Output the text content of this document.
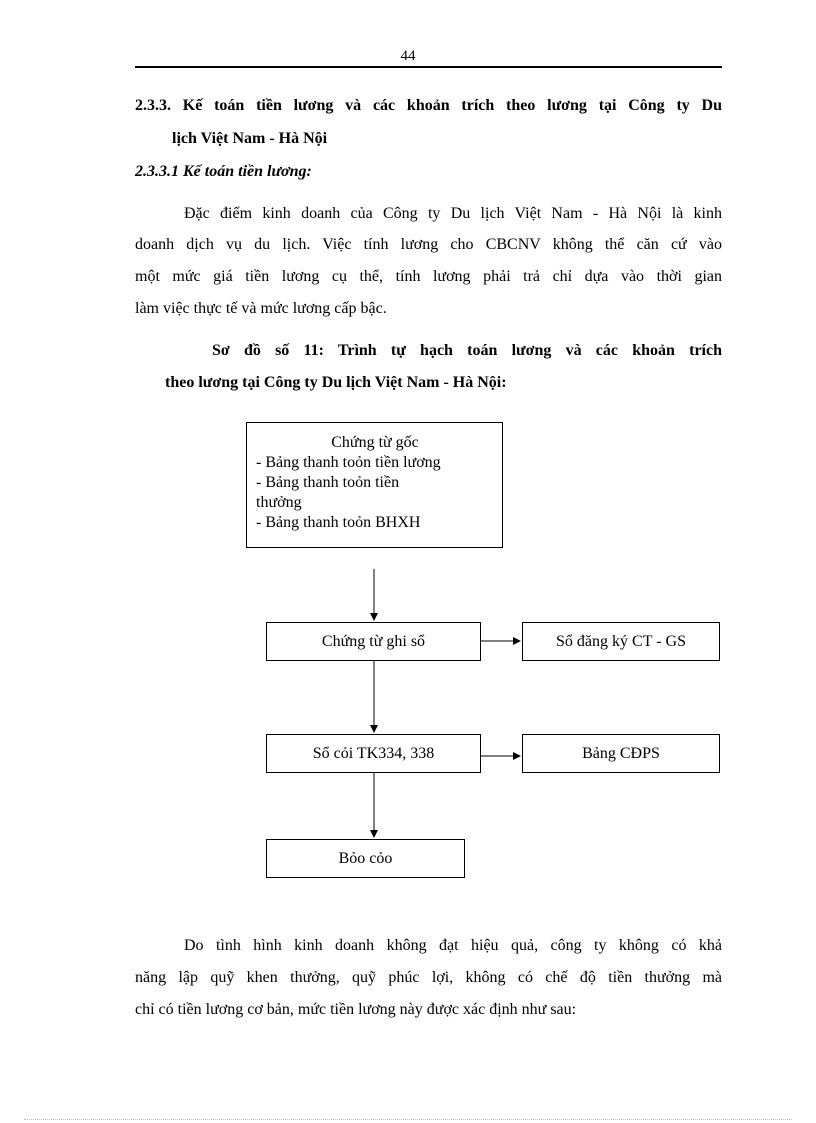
44
2.3.3. Kế toán tiền lương và các khoản trích theo lương tại Công ty Du
lịch Việt Nam - Hà Nội
2.3.3.1 Kế toán tiền lương:
Đặc điểm kinh doanh của Công ty Du lịch Việt Nam - Hà Nội là kinh
doanh dịch vụ du lịch. Việc tính lương cho CBCNV không thể căn cứ vào
một mức giá tiền lương cụ thể, tính lương phải trả chỉ dựa vào thời gian
làm việc thực tế và mức lương cấp bậc.
Sơ đồ số 11: Trình tự hạch toán lương và các khoản trích
theo lương tại Công ty Du lịch Việt Nam - Hà Nội:
Chứng từ gốc
- Bảng thanh toỏn tiền lương
- Bảng thanh toỏn tiền
thưởng
- Bảng thanh toỏn BHXH
Chứng từ ghi sổ	Sổ đăng ký CT - GS
Sổ cỏi TK334, 338	Bảng CĐPS
Bỏo cỏo
Do tình hình kinh doanh không đạt hiệu quả, công ty không có khả
năng lập quỹ khen thưởng, quỹ phúc lợi, không có chế độ tiền thưởng mà
chỉ có tiền lương cơ bản, mức tiền lương này được xác định như sau:
